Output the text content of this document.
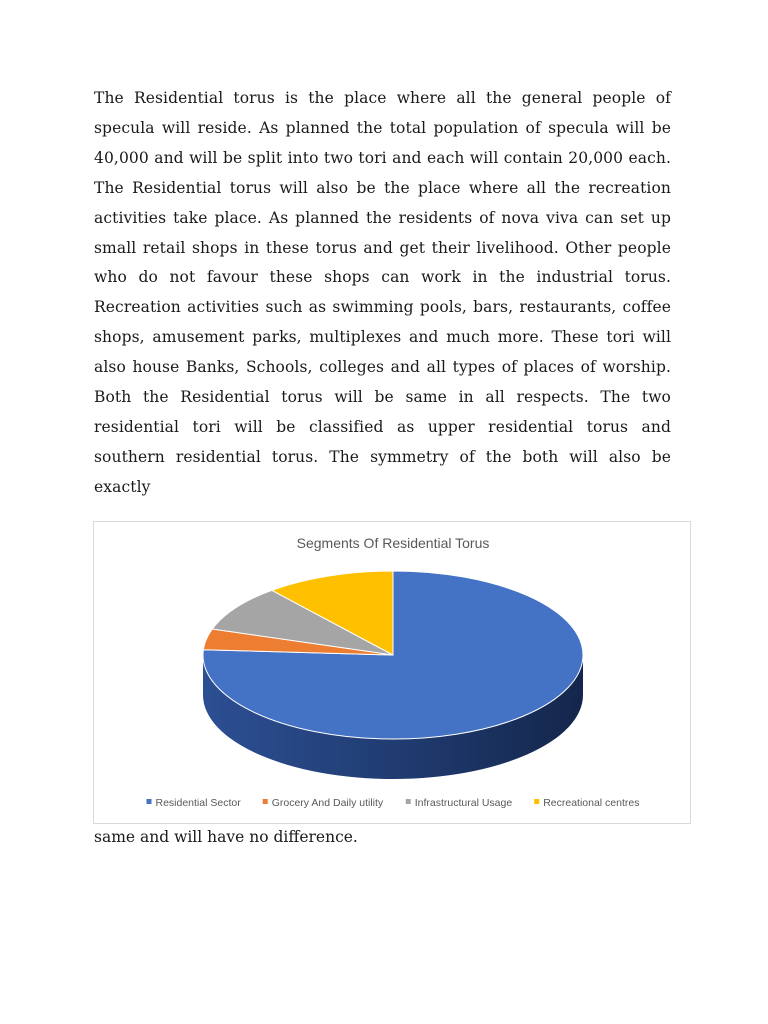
The Residential torus is the place where all the general people of specula will reside. As planned the total population of specula will be 40,000 and will be split into two tori and each will contain 20,000 each. The Residential torus will also be the place where all the recreation activities take place. As planned the residents of nova viva can set up small retail shops in these torus and get their livelihood. Other people who do not favour these shops can work in the industrial torus. Recreation activities such as swimming pools, bars, restaurants, coffee shops, amusement parks, multiplexes and much more. These tori will also house Banks, Schools, colleges and all types of places of worship. Both the Residential torus will be same in all respects. The two residential tori will be classified as upper residential torus and southern residential torus. The symmetry of the both will also be exactly

Segments Of Residential Torus
Residential Sector	Grocery And Daily utility	Infrastructural Usage	Recreational centres

same and will have no difference.
